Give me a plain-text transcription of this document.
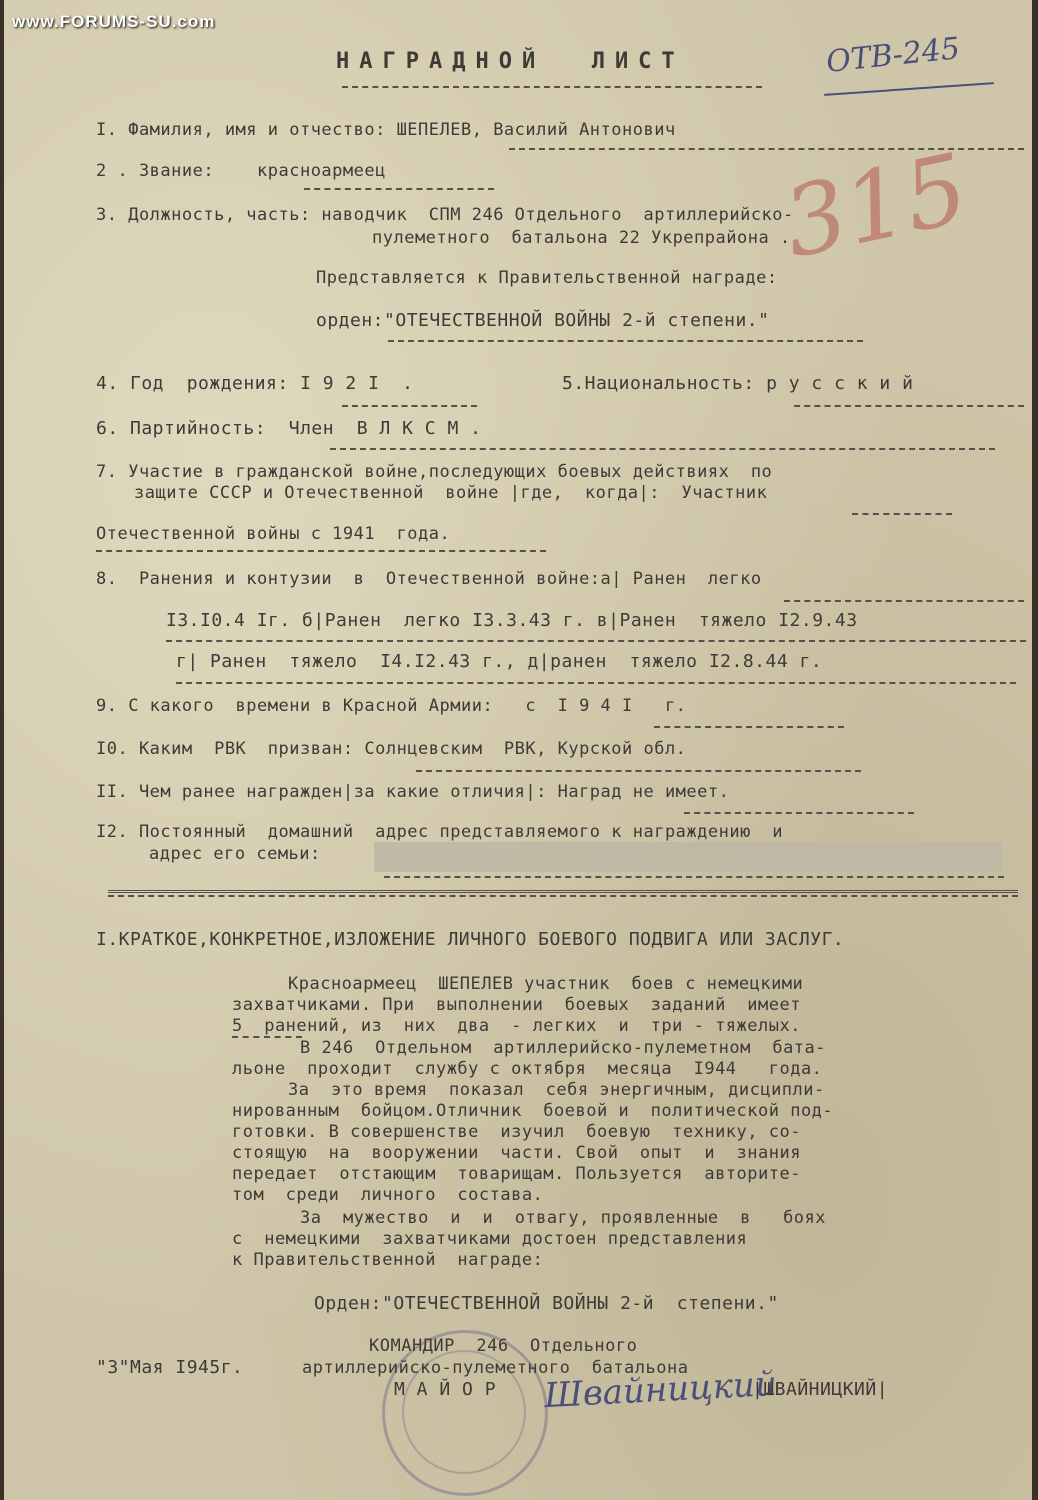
www.FORUMS-SU.com
ОТВ-245
315
НАГРАДНОЙ  ЛИСТ
I. Фамилия, имя и отчество: ШЕПЕЛЕВ, Василий Антонович
2 . Звание:    красноармеец
3. Должность, часть: наводчик  СПМ 246 Отдельного  артиллерийско-
пулеметного  батальона 22 Укрепрайона .
Представляется к Правительственной награде:
орден:"ОТЕЧЕСТВЕННОЙ ВОЙНЫ 2-й степени."
4. Год  рождения: I 9 2 I  .	5.Национальность: р у с с к и й
6. Партийность:  Член  В Л К С М .
7. Участие в гражданской войне,последующих боевых действиях  по
защите СССР и Отечественной  войне |где,  когда|:  Участник
Отечественной войны с 1941  года.
8.  Ранения и контузии  в  Отечественной войне:а| Ранен  легко
I3.I0.4 Iг. б|Ранен  легко I3.3.43 г. в|Ранен  тяжело I2.9.43
г| Ранен  тяжело  I4.I2.43 г., д|ранен  тяжело I2.8.44 г.
9. С какого  времени в Красной Армии:   с  I 9 4 I   г.
I0. Каким  РВК  призван: Солнцевским  РВК, Курской обл.
II. Чем ранее награжден|за какие отличия|: Наград не имеет.
I2. Постоянный  домашний  адрес представляемого к награждению  и
адрес его семьи:
I.КРАТКОЕ,КОНКРЕТНОЕ,ИЗЛОЖЕНИЕ ЛИЧНОГО БОЕВОГО ПОДВИГА ИЛИ ЗАСЛУГ.
Красноармеец  ШЕПЕЛЕВ участник  боев с немецкими
захватчиками. При  выполнении  боевых  заданий  имеет
5  ранений, из  них  два  - легких  и  три - тяжелых.
В 246  Отдельном  артиллерийско-пулеметном  бата-
льоне  проходит  службу с октября  месяца  I944   года.
За  это время  показал  себя энергичным, дисципли-
нированным  бойцом.Отличник  боевой и  политической под-
готовки. В совершенстве  изучил  боевую  технику, со-
стоящую  на  вооружении  части. Свой  опыт  и  знания
передает  отстающим  товарищам. Пользуется  авторите-
том  среди  личного  состава.
За  мужество  и  и  отвагу, проявленные  в   боях
с  немецкими  захватчиками достоен представления
к Правительственной  награде:
Орден:"ОТЕЧЕСТВЕННОЙ ВОЙНЫ 2-й  степени."
КОМАНДИР  246  Отдельного
"3"Мая I945г.	артиллерийско-пулеметного  батальона
М А Й О Р Швайницкий
|ШВАЙНИЦКИЙ|
